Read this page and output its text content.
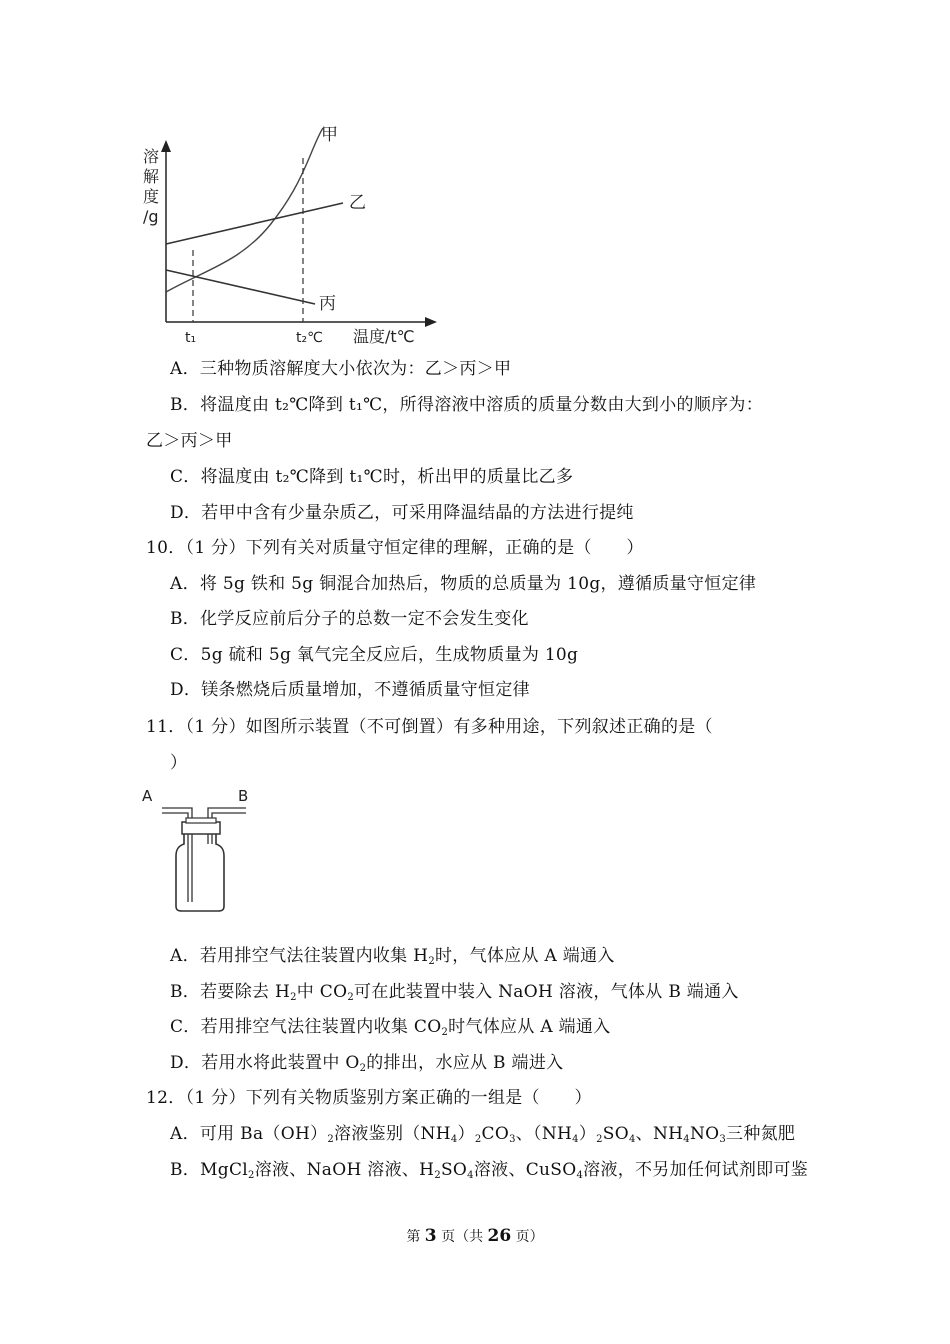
溶
解
度
/g
甲
乙
丙
t₁	t₂℃ 温度/t℃
A．三种物质溶解度大小依次为：乙＞丙＞甲
B．将温度由 t₂℃降到 t₁℃，所得溶液中溶质的质量分数由大到小的顺序为：
乙＞丙＞甲
C．将温度由 t₂℃降到 t₁℃时，析出甲的质量比乙多
D．若甲中含有少量杂质乙，可采用降温结晶的方法进行提纯
10．（1 分）下列有关对质量守恒定律的理解，正确的是（　　）
A．将 5g 铁和 5g 铜混合加热后，物质的总质量为 10g，遵循质量守恒定律
B．化学反应前后分子的总数一定不会发生变化
C．5g 硫和 5g 氧气完全反应后，生成物质量为 10g
D．镁条燃烧后质量增加，不遵循质量守恒定律
11．（1 分）如图所示装置（不可倒置）有多种用途，下列叙述正确的是（
）
A	B
A．若用排空气法往装置内收集 $H_2$时，气体应从 A 端通入
B．若要除去 $H_2$中 $CO_2$可在此装置中装入 NaOH 溶液，气体从 B 端通入
C．若用排空气法往装置内收集 $CO_2$时气体应从 A 端通入
D．若用水将此装置中 $O_2$的排出，水应从 B 端进入
12．（1 分）下列有关物质鉴别方案正确的一组是（　　）
A．可用 $Ba(OH)_2$溶液鉴别$(NH_4)_2CO_3$、$(NH_4)_2SO_4$、$NH_4NO_3$三种氮肥
B．MgCl$_2$溶液、NaOH 溶液、$H_2SO_4$溶液、CuSO$_4$溶液，不另加任何试剂即可鉴
第 3 页（共 26 页）
